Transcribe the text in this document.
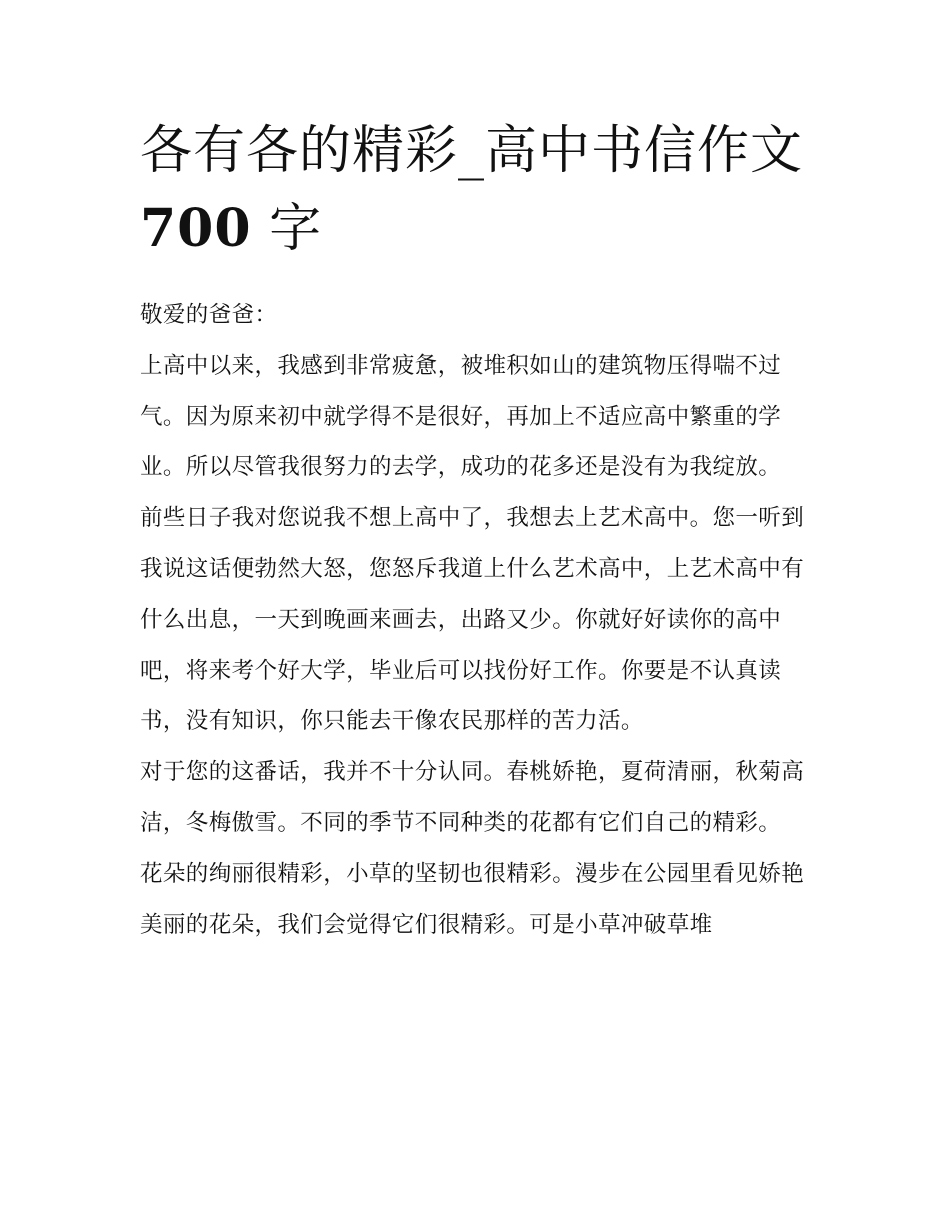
各有各的精彩_高中书信作文
700 字

敬爱的爸爸：

上高中以来，我感到非常疲惫，被堆积如山的建筑物压得喘不过气。因为原来初中就学得不是很好，再加上不适应高中繁重的学业。所以尽管我很努力的去学，成功的花多还是没有为我绽放。

前些日子我对您说我不想上高中了，我想去上艺术高中。您一听到我说这话便勃然大怒，您怒斥我道上什么艺术高中，上艺术高中有什么出息，一天到晚画来画去，出路又少。你就好好读你的高中吧，将来考个好大学，毕业后可以找份好工作。你要是不认真读书，没有知识，你只能去干像农民那样的苦力活。

对于您的这番话，我并不十分认同。春桃娇艳，夏荷清丽，秋菊高洁，冬梅傲雪。不同的季节不同种类的花都有它们自己的精彩。

花朵的绚丽很精彩，小草的坚韧也很精彩。漫步在公园里看见娇艳美丽的花朵，我们会觉得它们很精彩。可是小草冲破草堆
